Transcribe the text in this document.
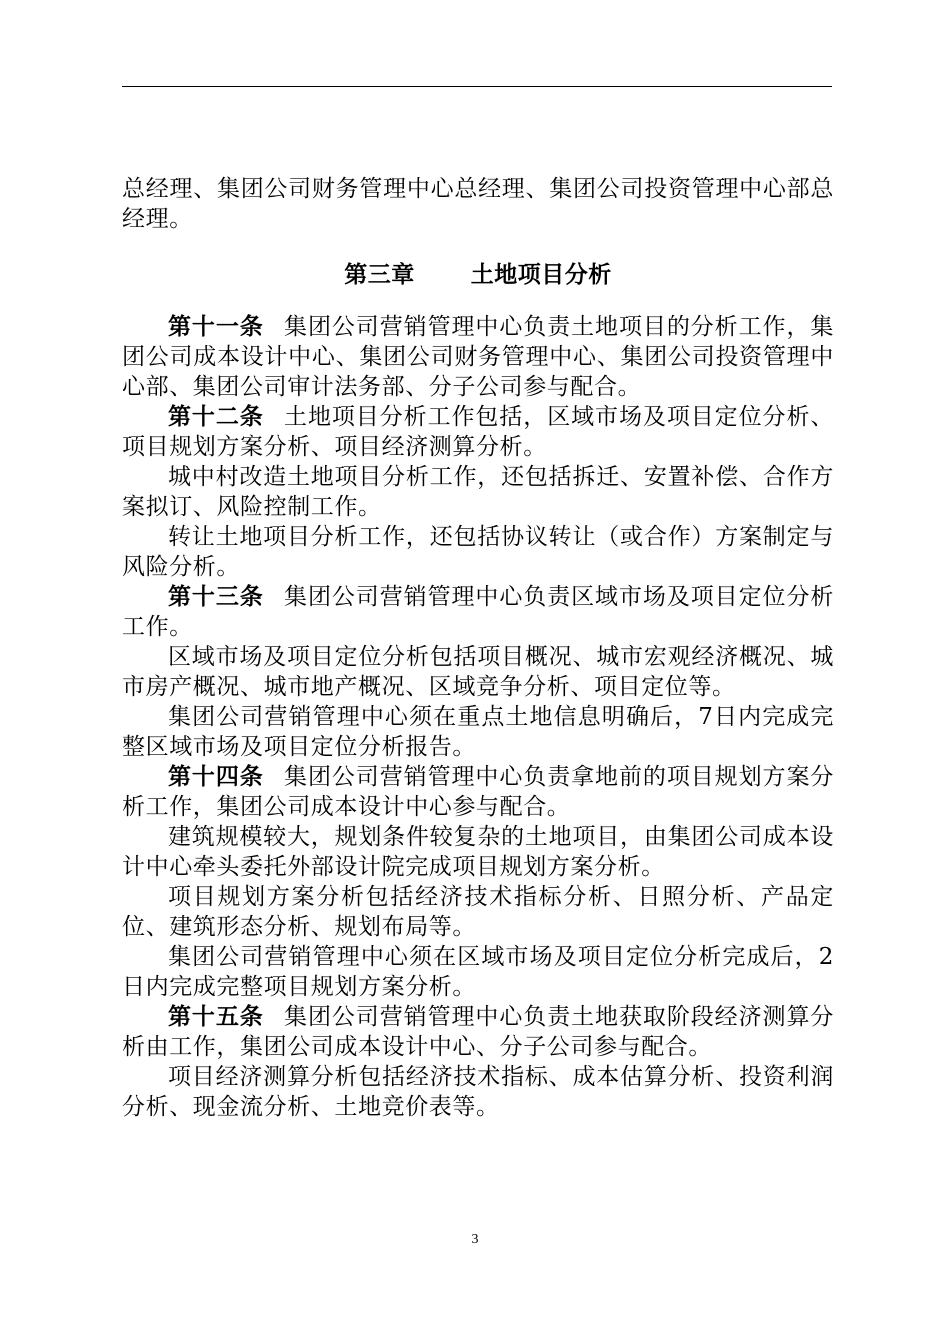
总经理、集团公司财务管理中心总经理、集团公司投资管理中心部总经理。

第三章 土地项目分析

第十一条 集团公司营销管理中心负责土地项目的分析工作，集团公司成本设计中心、集团公司财务管理中心、集团公司投资管理中心部、集团公司审计法务部、分子公司参与配合。

第十二条 土地项目分析工作包括，区域市场及项目定位分析、项目规划方案分析、项目经济测算分析。

城中村改造土地项目分析工作，还包括拆迁、安置补偿、合作方案拟订、风险控制工作。

转让土地项目分析工作，还包括协议转让（或合作）方案制定与风险分析。

第十三条 集团公司营销管理中心负责区域市场及项目定位分析工作。

区域市场及项目定位分析包括项目概况、城市宏观经济概况、城市房产概况、城市地产概况、区域竞争分析、项目定位等。

集团公司营销管理中心须在重点土地信息明确后，7日内完成完整区域市场及项目定位分析报告。

第十四条 集团公司营销管理中心负责拿地前的项目规划方案分析工作，集团公司成本设计中心参与配合。

建筑规模较大，规划条件较复杂的土地项目，由集团公司成本设计中心牵头委托外部设计院完成项目规划方案分析。

项目规划方案分析包括经济技术指标分析、日照分析、产品定位、建筑形态分析、规划布局等。

集团公司营销管理中心须在区域市场及项目定位分析完成后，2日内完成完整项目规划方案分析。

第十五条 集团公司营销管理中心负责土地获取阶段经济测算分析由工作，集团公司成本设计中心、分子公司参与配合。

项目经济测算分析包括经济技术指标、成本估算分析、投资利润分析、现金流分析、土地竞价表等。

3
